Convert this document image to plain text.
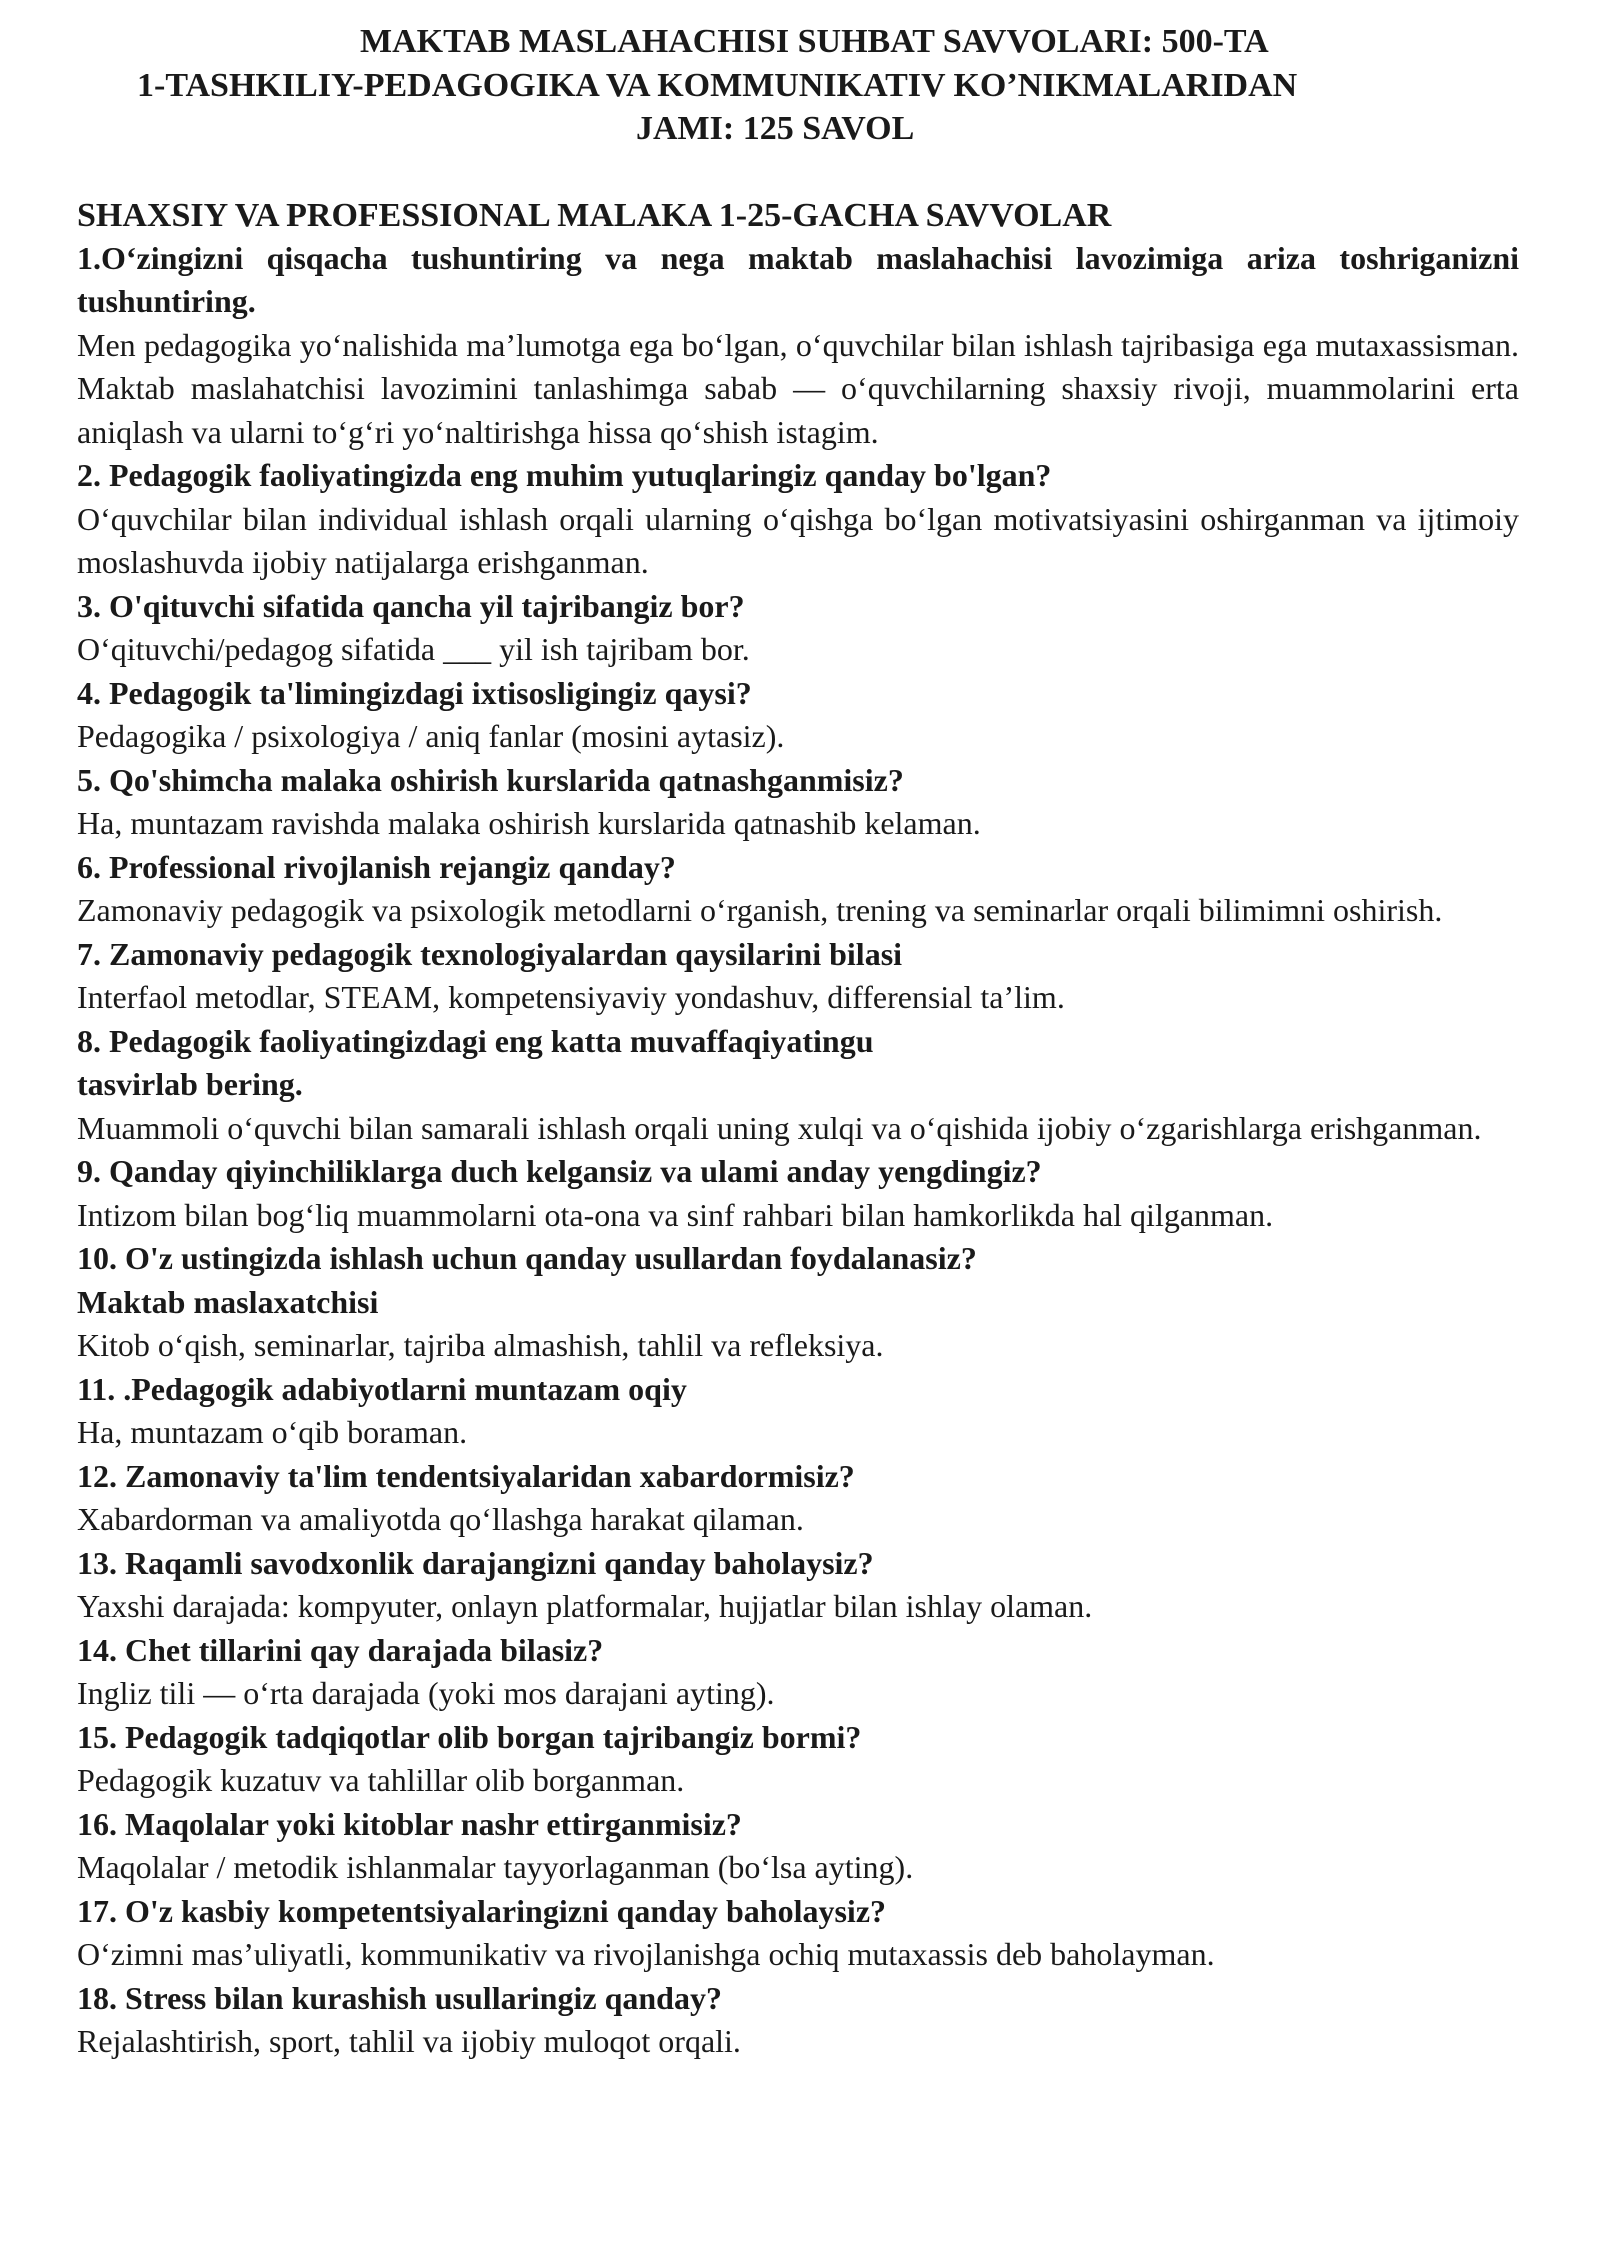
MAKTAB MASLAHACHISI SUHBAT SAVVOLARI: 500-TA
1-TASHKILIY-PEDAGOGIKA VA KOMMUNIKATIV KO’NIKMALARIDAN
JAMI: 125 SAVOL
SHAXSIY VA PROFESSIONAL MALAKA 1-25-GACHA SAVVOLAR
1.O‘zingizni qisqacha tushuntiring va nega maktab maslahachisi lavozimiga ariza toshriganizni tushuntiring.
Men pedagogika yo‘nalishida ma’lumotga ega bo‘lgan, o‘quvchilar bilan ishlash tajribasiga ega mutaxassisman. Maktab maslahatchisi lavozimini tanlashimga sabab — o‘quvchilarning shaxsiy rivoji, muammolarini erta aniqlash va ularni to‘g‘ri yo‘naltirishga hissa qo‘shish istagim.
2. Pedagogik faoliyatingizda eng muhim yutuqlaringiz qanday bo'lgan?
O‘quvchilar bilan individual ishlash orqali ularning o‘qishga bo‘lgan motivatsiyasini oshirganman va ijtimoiy moslashuvda ijobiy natijalarga erishganman.
3. O'qituvchi sifatida qancha yil tajribangiz bor?
O‘qituvchi/pedagog sifatida ___ yil ish tajribam bor.
4. Pedagogik ta'limingizdagi ixtisosligingiz qaysi?
Pedagogika / psixologiya / aniq fanlar (mosini aytasiz).
5. Qo'shimcha malaka oshirish kurslarida qatnashganmisiz?
Ha, muntazam ravishda malaka oshirish kurslarida qatnashib kelaman.
6. Professional rivojlanish rejangiz qanday?
Zamonaviy pedagogik va psixologik metodlarni o‘rganish, trening va seminarlar orqali bilimimni oshirish.
7. Zamonaviy pedagogik texnologiyalardan qaysilarini bilasi
Interfaol metodlar, STEAM, kompetensiyaviy yondashuv, differensial ta’lim.
8. Pedagogik faoliyatingizdagi eng katta muvaffaqiyatingu
tasvirlab bering.
Muammoli o‘quvchi bilan samarali ishlash orqali uning xulqi va o‘qishida ijobiy o‘zgarishlarga erishganman.
9. Qanday qiyinchiliklarga duch kelgansiz va ulami anday yengdingiz?
Intizom bilan bog‘liq muammolarni ota-ona va sinf rahbari bilan hamkorlikda hal qilganman.
10. O'z ustingizda ishlash uchun qanday usullardan foydalanasiz?
Maktab maslaxatchisi
Kitob o‘qish, seminarlar, tajriba almashish, tahlil va refleksiya.
11. .Pedagogik adabiyotlarni muntazam oqiy
Ha, muntazam o‘qib boraman.
12. Zamonaviy ta'lim tendentsiyalaridan xabardormisiz?
Xabardorman va amaliyotda qo‘llashga harakat qilaman.
13. Raqamli savodxonlik darajangizni qanday baholaysiz?
Yaxshi darajada: kompyuter, onlayn platformalar, hujjatlar bilan ishlay olaman.
14. Chet tillarini qay darajada bilasiz?
Ingliz tili — o‘rta darajada (yoki mos darajani ayting).
15. Pedagogik tadqiqotlar olib borgan tajribangiz bormi?
Pedagogik kuzatuv va tahlillar olib borganman.
16. Maqolalar yoki kitoblar nashr ettirganmisiz?
Maqolalar / metodik ishlanmalar tayyorlaganman (bo‘lsa ayting).
17. O'z kasbiy kompetentsiyalaringizni qanday baholaysiz?
O‘zimni mas’uliyatli, kommunikativ va rivojlanishga ochiq mutaxassis deb baholayman.
18. Stress bilan kurashish usullaringiz qanday?
Rejalashtirish, sport, tahlil va ijobiy muloqot orqali.
